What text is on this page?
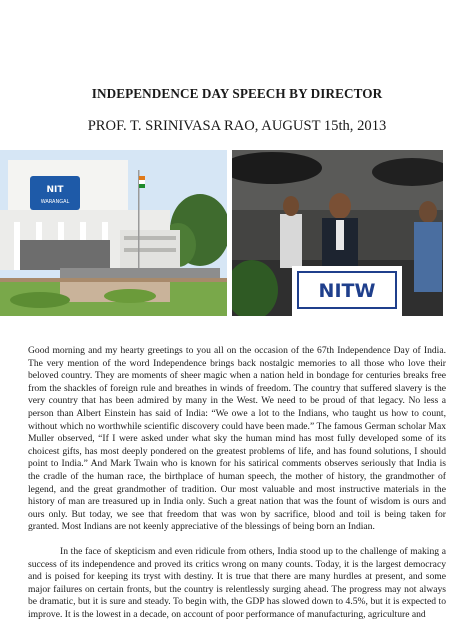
INDEPENDENCE DAY SPEECH BY DIRECTOR
PROF. T. SRINIVASA RAO, AUGUST 15th, 2013
NIT
WARANGAL
NITW

Good morning and my hearty greetings to you all on the occasion of the 67th Independence Day of India. The very mention of the word Independence brings back nostalgic memories to all those who love their beloved country. They are moments of sheer magic when a nation held in bondage for centuries breaks free from the shackles of foreign rule and breathes in winds of freedom. The country that suffered slavery is the very country that has been admired by many in the West. We need to be proud of that legacy. No less a person than Albert Einstein has said of India: “We owe a lot to the Indians, who taught us how to count, without which no worthwhile scientific discovery could have been made.” The famous German scholar Max Muller observed, “If I were asked under what sky the human mind has most fully developed some of its choicest gifts, has most deeply pondered on the greatest problems of life, and has found solutions, I should point to India.” And Mark Twain who is known for his satirical comments observes seriously that India is the cradle of the human race, the birthplace of human speech, the mother of history, the grandmother of legend, and the great grandmother of tradition. Our most valuable and most instructive materials in the history of man are treasured up in India only. Such a great nation that was the fount of wisdom is ours and ours only. But today, we see that freedom that was won by sacrifice, blood and toil is being taken for granted. Most Indians are not keenly appreciative of the blessings of being born an Indian.

In the face of skepticism and even ridicule from others, India stood up to the challenge of making a success of its independence and proved its critics wrong on many counts. Today, it is the largest democracy and is poised for keeping its tryst with destiny. It is true that there are many hurdles at present, and some major failures on certain fronts, but the country is relentlessly surging ahead. The progress may not always be dramatic, but it is sure and steady. To begin with, the GDP has slowed down to 4.5%, but it is expected to improve. It is the lowest in a decade, on account of poor performance of manufacturing, agriculture and
